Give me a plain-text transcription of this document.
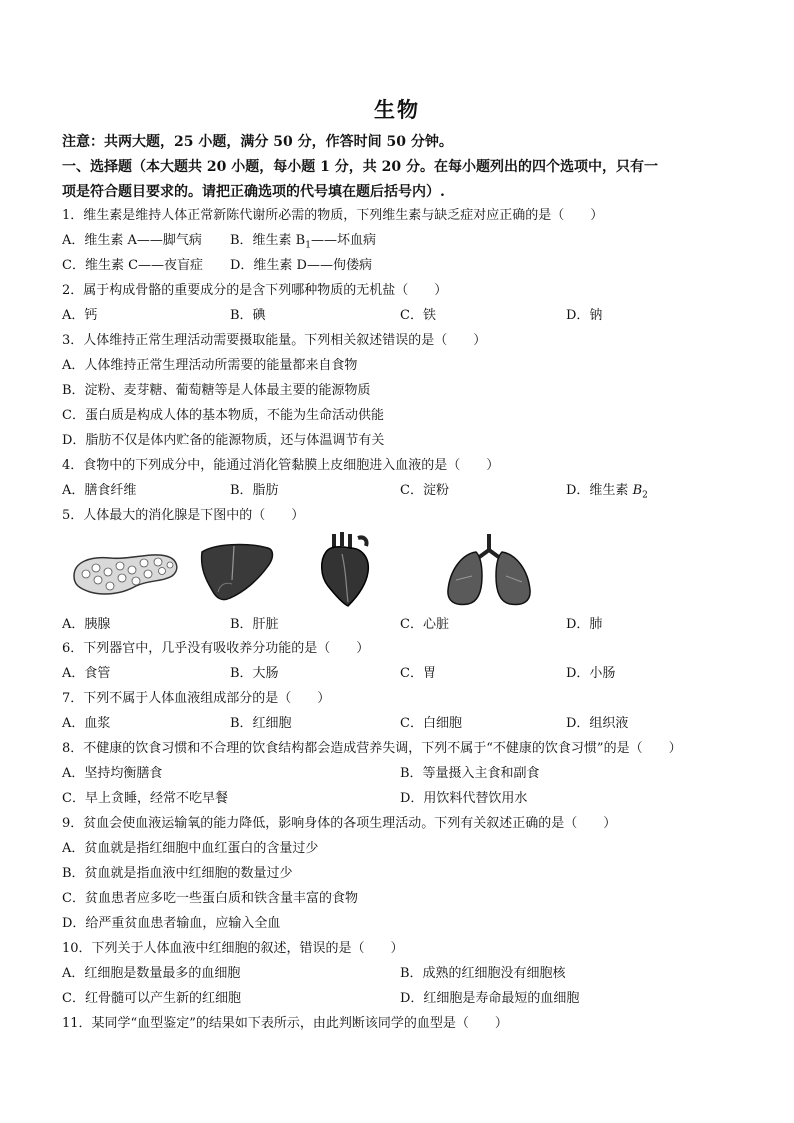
生物
注意：共两大题，25 小题，满分 50 分，作答时间 50 分钟。
一、选择题（本大题共 20 小题，每小题 1 分，共 20 分。在每小题列出的四个选项中，只有一
项是符合题目要求的。请把正确选项的代号填在题后括号内）.
1．维生素是维持人体正常新陈代谢所必需的物质，下列维生素与缺乏症对应正确的是（　　）
A．维生素 A——脚气病 B．维生素 $B_1——$坏血病
C．维生素 C——夜盲症 D．维生素 D——佝偻病
2．属于构成骨骼的重要成分的是含下列哪种物质的无机盐（　　）
A．钙	B．碘	C．铁	D．钠
3．人体维持正常生理活动需要摄取能量。下列相关叙述错误的是（　　）
A．人体维持正常生理活动所需要的能量都来自食物
B．淀粉、麦芽糖、葡萄糖等是人体最主要的能源物质
C．蛋白质是构成人体的基本物质，不能为生命活动供能
D．脂肪不仅是体内贮备的能源物质，还与体温调节有关
4．食物中的下列成分中，能通过消化管黏膜上皮细胞进入血液的是（　　）
A．膳食纤维	B．脂肪	C．淀粉	D．维生素 $B_2$
5．人体最大的消化腺是下图中的（　　）
A．胰腺	B．肝脏	C．心脏	D．肺
6．下列器官中，几乎没有吸收养分功能的是（　　）
A．食管	B．大肠	C．胃	D．小肠
7．下列不属于人体血液组成部分的是（　　）
A．血浆	B．红细胞	C．白细胞	D．组织液
8．不健康的饮食习惯和不合理的饮食结构都会造成营养失调，下列不属于“不健康的饮食习惯”的是（　　）
A．坚持均衡膳食	B．等量摄入主食和副食
C．早上贪睡，经常不吃早餐	D．用饮料代替饮用水
9．贫血会使血液运输氧的能力降低，影响身体的各项生理活动。下列有关叙述正确的是（　　）
A．贫血就是指红细胞中血红蛋白的含量过少
B．贫血就是指血液中红细胞的数量过少
C．贫血患者应多吃一些蛋白质和铁含量丰富的食物
D．给严重贫血患者输血，应输入全血
10．下列关于人体血液中红细胞的叙述，错误的是（　　）
A．红细胞是数量最多的血细胞	B．成熟的红细胞没有细胞核
C．红骨髓可以产生新的红细胞	D．红细胞是寿命最短的血细胞
11．某同学“血型鉴定”的结果如下表所示，由此判断该同学的血型是（　　）
